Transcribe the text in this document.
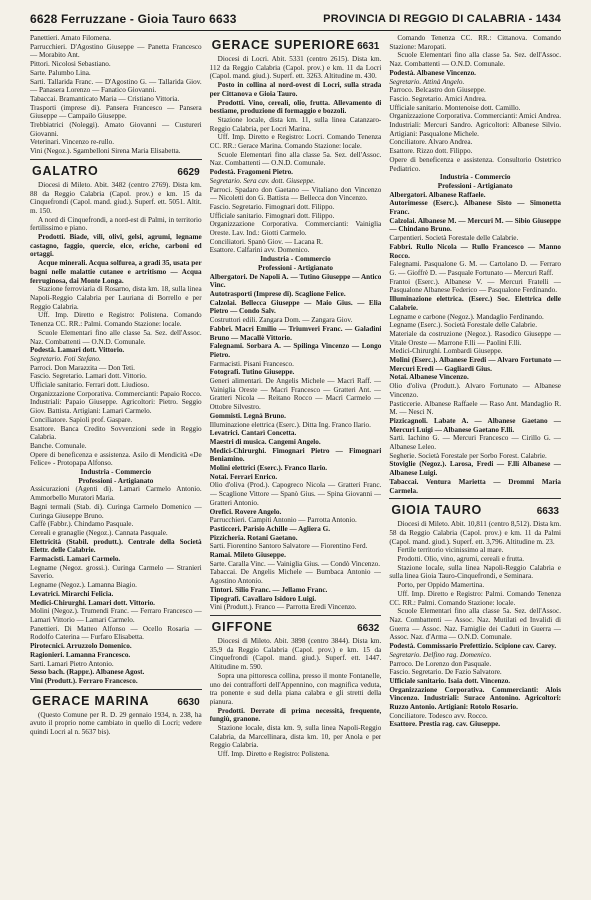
6628 Ferruzzane - Gioia Tauro 6633	PROVINCIA DI REGGIO DI CALABRIA - 1434

Panettieri. Amato Filomena.

Parrucchieri. D'Agostino Giuseppe — Panetta Francesco — Morabito Ant.

Pittori. Nicolosi Sebastiano.

Sarte. Palumbo Lina.

Sarti. Tallarida Franc. — D'Agostino G. — Tallarida Giov. — Panasera Lorenzo — Fanatico Giovanni.

Tabaccai. Bramanticato Maria — Cristiano Vittoria.

Trasporti (imprese di). Pansera Francesco — Pansera Giuseppe — Campailo Giuseppe.

Trebbiatrici (Noleggi). Amato Giovanni — Custureri Giovanni.

Veterinari. Vincenzo re-rullo.

Vini (Negoz.). Sgambelloni Sirena Maria Elisabetta.

GALATRO	6629

Diocesi di Mileto. Abit. 3482 (centro 2769). Dista km. 88 da Reggio Calabria (Capol. prov.) e km. 15 da Cinquefrondi (Capol. mand. giud.). Superf. ett. 5051. Altit. m. 150.

A nord di Cinquefrondi, a nord-est di Palmi, in territorio fertilissimo e piano.

Prodotti. Biade, vili, olivi, gelsi, agrumi, legname castagno, faggio, quercie, elce, eriche, carboni ed ortaggi.

Acque minerali. Acqua solfurea, a gradi 35, usata per bagni nelle malattie cutanee e artritismo — Acqua ferruginosa, dai Monte Longa.

Stazione ferroviaria di Rosarno, dista km. 18, sulla linea Napoli-Reggio Calabria per Lauriana di Borrello e per Reggio Calabria.

Uff. Imp. Diretto e Registro: Polistena. Comando Tenenza CC. RR.: Palmi. Comando Stazione: locale.

Scuole Elementari fino alle classe 5a. Sez. dell'Assoc. Naz. Combattenti — O.N.D. Comunale.

Podestà. Lamari dott. Vittorio.

Segretario. Foti Stefano.

Parroci. Don Marazzita — Don Teti.

Fascio. Segretario. Lamari dott. Vittorio.

Ufficiale sanitario. Ferrari dott. Liudioso.

Organizzazione Corporativa. Commercianti: Papaio Rocco. Industriali: Papaio Giuseppe. Agricoltori: Pietro. Seggio Giov. Battista. Artigiani: Lamari Carmelo.

Conciliatore. Sapioli prof. Gaspare.

Esattore. Banca Credito Sovvenzioni sede in Reggio Calabria.

Banche. Comunale.

Opere di beneficenza e assistenza. Asilo di Mendicità «De Felice» - Protopapa Alfonso.

Industria - Commercio

Professioni - Artigianato

Assicurazioni (Agenti di). Lamari Carmelo Antonio. Ammorbello Muratori Maria.

Bagni termali (Stab. di). Curinga Carmelo Domenico — Curinga Giuseppe Bruno.

Caffè (Fabbr.). Chindamo Pasquale.

Cereali e granaglie (Negoz.). Cannata Pasquale.

Elettricità (Stabil. produtt.). Centrale della Società Elettr. delle Calabrie.

Farmacisti. Lamari Carmelo.

Legname (Negoz. grossi.). Curinga Carmelo — Stranieri Saverio.

Legname (Negoz.). Lamanna Biagio.

Levatrici. Mirarchi Felicia.

Medici-Chirurghi. Lamari dott. Vittorio.

Molini (Negoz.). Trumendi Franc. — Ferraro Francesco — Lamari Vittorio — Lamari Carmelo.

Panettieri. Di Matteo Alfonso — Ocello Rosaria — Rodolfo Caterina — Furfaro Elisabetta.

Pirotecnici. Arruzzolo Domenico.

Ragionieri. Lamanna Francesco.

Sarti. Lamari Pietro Antonio.

Sesso bach. (Rappr.). Albanese Agost.

Vini (Produtt.). Ferraro Francesco.

GERACE MARINA	6630

(Questo Comune per R. D. 29 gennaio 1934, n. 238, ha avuto il proprio nome cambiato in quello di Locri; vedere quindi Locri al n. 5637 bis).

GERACE SUPERIORE 6631

Diocesi di Locri. Abit. 5331 (centro 2615). Dista km. 112 da Reggio Calabria (Capol. prov.) e km. 11 da Locri (Capol. mand. giud.). Superf. ett. 3263. Altitudine m. 430.

Posto in collina al nord-ovest di Locri, sulla strada per Cittanova e Gioia Tauro.

Prodotti. Vino, cereali, olio, frutta. Allevamento di bestiame, produzione di formaggio e bozzoli.

Stazione locale, dista km. 11, sulla linea Catanzaro-Reggio Calabria, per Locri Marina.

Uff. Imp. Diretto e Registro: Locri. Comando Tenenza CC. RR.: Gerace Marina. Comando Stazione: locale.

Scuole Elementari fino alla classe 5a. Sez. dell'Assoc. Naz. Combattenti — O.N.D. Comunale.

Podestà. Fragomeni Pietro.

Segretario. Sera cav. dott. Giuseppe.

Parroci. Spadaro don Gaetano — Vitaliano don Vincenzo — Nicoletti don G. Battista — Bellecca don Vincenzo.

Fascio. Segretario. Fimognari dott. Filippo.

Ufficiale sanitario. Fimognari dott. Filippo.

Organizzazione Corporativa. Commercianti: Vainiglia Oreste. Lav. Ind.: Giotti Carmelo.

Conciliatori. Spanò Giov. — Lacana R.

Esattore. Calfarini avv. Domenico.

Industria - Commercio

Professioni - Artigianato

Albergatori. De Napoli A. — Tutino Giuseppe — Antico Vinc.

Autotrasporti (Imprese di). Scaglione Felice.

Calzolai. Bellecca Giuseppe — Maio Gius. — Elia Pietro — Condo Salv.

Costruttori edili. Zangara Dom. — Zangara Giov.

Fabbri. Macri Emilio — Triumveri Franc. — Galadini Bruno — Macallè Vittorio.

Falegnami. Sorbara A. — Spilinga Vincenzo — Longo Pietro.

Farmacisti. Pisani Francesco.

Fotografi. Tutino Giuseppe.

Generi alimentari. De Angelis Michele — Macrì Raff. — Vainiglia Oreste — Macrì Francesco — Gratteri Ant. — Gratteri Nicola — Reitano Rocco — Macrì Carmelo — Ottobre Silvestro.

Gommisti. Legnà Bruno.

Illuminazione elettrica (Eserc.). Ditta Ing. Franco Ilario.

Levatrici. Cantarì Concetta.

Maestri di musica. Cangemi Angelo.

Medici-Chirurghi. Fimognari Pietro — Fimognari Beniamino.

Molini elettrici (Eserc.). Franco Ilario.

Notai. Ferrari Enrico.

Olio d'oliva (Prod.). Capogreco Nicola — Gratteri Franc. — Scaglione Vittore — Spanò Gius. — Spina Giovanni — Gratteri Antonio.

Orefici. Rovere Angelo.

Parrucchieri. Campiti Antonio — Parrotta Antonio.

Pasticceri. Parisio Achille — Agliera G.

Pizzicheria. Rotani Gaetano.

Sarti. Fiorentino Santoro Salvatore — Fiorentino Ferd.

Ramai. Mileto Giuseppe.

Sarte. Caralla Vinc. — Vainiglia Gius. — Condò Vincenzo.

Tabaccai. De Angelis Michele — Bumbaca Antonio — Agostino Antonio.

Tintori. Silio Franc. — Jellamo Franc.

Tipografi. Cavallaro Isidoro Luigi.

Vini (Produtt.). Franco — Parrotta Eredi Vincenzo.

GIFFONE	6632

Diocesi di Mileto. Abit. 3898 (centro 3844). Dista km. 35,9 da Reggio Calabria (Capol. prov.) e km. 15 da Cinquefrondi (Capol. mand. giud.). Superf. ett. 1447. Altitudine m. 590.

Sopra una pittoresca collina, presso il monte Fontanelle, uno dei contrafforti dell'Appennino, con magnifica veduta, tra ponente e sud della piana calabra e gli stretti della pianura.

Prodotti. Derrate di prima necessità, frequente, fungiù, granone.

Stazione locale, dista km. 9, sulla linea Napoli-Reggio Calabria, da Marcellinara, dista km. 10, per Anola e per Reggio Calabria.

Uff. Imp. Diretto e Registro: Polistena.

Comando Tenenza CC. RR.: Cittanova. Comando Stazione: Maropati.

Scuole Elementari fino alla classe 5a. Sez. dell'Assoc. Naz. Combattenti — O.N.D. Comunale.

Podestà. Albanese Vincenzo.

Segretario. Attinà Angelo.

Parroco. Belcastro don Giuseppe.

Fascio. Segretario. Amici Andrea.

Ufficiale sanitario. Montenoise dott. Camillo.

Organizzazione Corporativa. Commercianti: Amici Andrea. Industriali: Mercuri Sandro. Agricoltori: Albanese Silvio. Artigiani: Pasqualone Michele.

Conciliatore. Alvaro Andrea.

Esattore. Rizzo dott. Filippo.

Opere di beneficenza e assistenza. Consultorio Ostetrico Pediatrico.

Industria - Commercio

Professioni - Artigianato

Albergatori. Albanese Raffaele.

Autorimesse (Eserc.). Albanese Sisto — Simonetta Franc.

Calzolai. Albanese M. — Mercuri M. — Sibio Giuseppe — Chindano Bruno.

Carpentieri. Società Forestale delle Calabrie.

Fabbri. Rullo Nicola — Rullo Francesco — Manno Rocco.

Falegnami. Pasqualone G. M. — Cartolano D. — Ferraro G. — Gioffrè D. — Pasquale Fortunato — Mercuri Raff.

Frantoi (Eserc.). Albanese V. — Mercuri Fratelli — Pasqualone Albanese Federico — Pasqualone Ferdinando.

Illuminazione elettrica. (Eserc.) Soc. Elettrica delle Calabrie.

Legname e carbone (Negoz.). Mandaglio Ferdinando.

Legname (Eserc.). Società Forestale delle Calabrie.

Materiale da costruzione (Negoz.). Rasodico Giuseppe — Vitale Oreste — Marrone F.lli — Paolini F.lli.

Medici-Chirurghi. Lombardi Giuseppe.

Molini (Eserc.). Albanese Eredi — Alvaro Fortunato — Mercuri Eredi — Gagliardi Gius.

Notai. Albanese Vincenzo.

Olio d'oliva (Produtt.). Alvaro Fortunato — Albanese Vincenzo.

Pasticcerie. Albanese Raffaele — Raso Ant. Mandaglio R. M. — Nesci N.

Pizzicagnoli. Labate A. — Albanese Gaetano — Mercuri Luigi — Albanese Gaetano F.lli.

Sarti. Iachino G. — Mercuri Francesco — Cirillo G. — Albanese Leleo.

Segherie. Società Forestale per Sorbo Forest. Calabrie.

Stoviglie (Negoz.). Larosa, Fredi — F.lli Albanese — Albanese Luigi.

Tabaccai. Ventura Marietta — Drommi Maria Carmela.

GIOIA TAURO	6633

Diocesi di Mileto. Abit. 10,811 (centro 8,512). Dista km. 58 da Reggio Calabria (Capol. prov.) e km. 11 da Palmi (Capol. mand. giud.). Superf. ett. 3,796. Altitudine m. 23.

Fertile territorio vicinissimo al mare.

Prodotti. Olio, vino, agrumi, cereali e frutta.

Stazione locale, sulla linea Napoli-Reggio Calabria e sulla linea Gioia Tauro-Cinquefrondi, e Seminara.

Porto, per Oppido Mamertina.

Uff. Imp. Diretto e Registro: Palmi. Comando Tenenza CC. RR.: Palmi. Comando Stazione: locale.

Scuole Elementari fino alla classe 5a. Sez. dell'Assoc. Naz. Combattenti — Assoc. Naz. Mutilati ed Invalidi di Guerra — Assoc. Naz. Famiglie dei Caduti in Guerra — Assoc. Naz. d'Arma — O.N.D. Comunale.

Podestà. Commissario Prefettizio. Scipione cav. Carey.

Segretario. Delfino rag. Domenico.

Parroco. De Lorenzo don Pasquale.

Fascio. Segretario. De Fazio Salvatore.

Ufficiale sanitario. Isaia dott. Vincenzo.

Organizzazione Corporativa. Commercianti: Alois Vincenzo. Industriali: Surace Antonino. Agricoltori: Ruzzo Antonio. Artigiani: Rotolo Rosario.

Conciliatore. Todesco avv. Rocco.

Esattore. Prestia rag. cav. Giuseppe.
